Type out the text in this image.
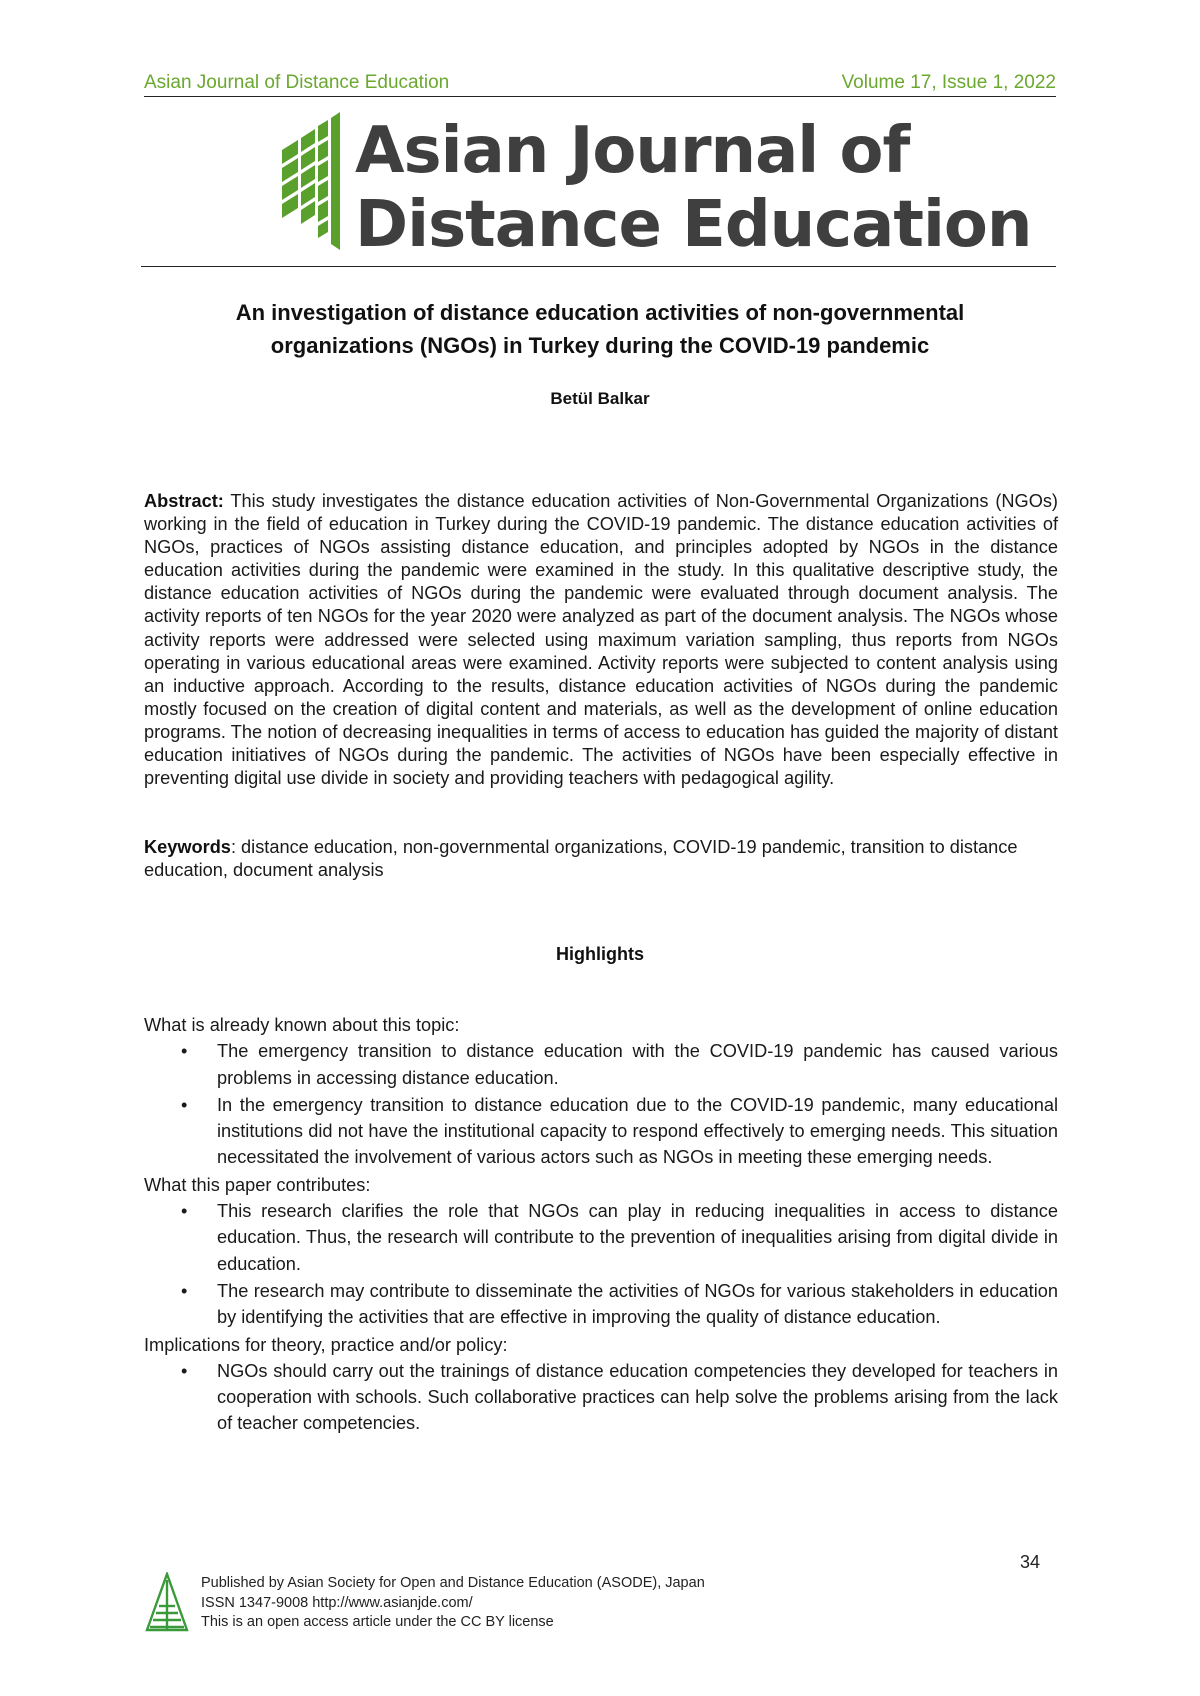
Asian Journal of Distance Education	Volume 17, Issue 1, 2022
Asian Journal of
Distance Education
An investigation of distance education activities of non-governmental
organizations (NGOs) in Turkey during the COVID-19 pandemic
Betül Balkar
Abstract: This study investigates the distance education activities of Non-Governmental Organizations (NGOs) working in the field of education in Turkey during the COVID-19 pandemic. The distance education activities of NGOs, practices of NGOs assisting distance education, and principles adopted by NGOs in the distance education activities during the pandemic were examined in the study. In this qualitative descriptive study, the distance education activities of NGOs during the pandemic were evaluated through document analysis. The activity reports of ten NGOs for the year 2020 were analyzed as part of the document analysis. The NGOs whose activity reports were addressed were selected using maximum variation sampling, thus reports from NGOs operating in various educational areas were examined. Activity reports were subjected to content analysis using an inductive approach. According to the results, distance education activities of NGOs during the pandemic mostly focused on the creation of digital content and materials, as well as the development of online education programs. The notion of decreasing inequalities in terms of access to education has guided the majority of distant education initiatives of NGOs during the pandemic. The activities of NGOs have been especially effective in preventing digital use divide in society and providing teachers with pedagogical agility.
Keywords: distance education, non-governmental organizations, COVID-19 pandemic, transition to distance education, document analysis
Highlights
What is already known about this topic:
• The emergency transition to distance education with the COVID-19 pandemic has caused various problems in accessing distance education.
• In the emergency transition to distance education due to the COVID-19 pandemic, many educational institutions did not have the institutional capacity to respond effectively to emerging needs. This situation necessitated the involvement of various actors such as NGOs in meeting these emerging needs.
What this paper contributes:
• This research clarifies the role that NGOs can play in reducing inequalities in access to distance education. Thus, the research will contribute to the prevention of inequalities arising from digital divide in education.
• The research may contribute to disseminate the activities of NGOs for various stakeholders in education by identifying the activities that are effective in improving the quality of distance education.
Implications for theory, practice and/or policy:
• NGOs should carry out the trainings of distance education competencies they developed for teachers in cooperation with schools. Such collaborative practices can help solve the problems arising from the lack of teacher competencies.
34
Published by Asian Society for Open and Distance Education (ASODE), Japan
ISSN 1347-9008 http://www.asianjde.com/
This is an open access article under the CC BY license
